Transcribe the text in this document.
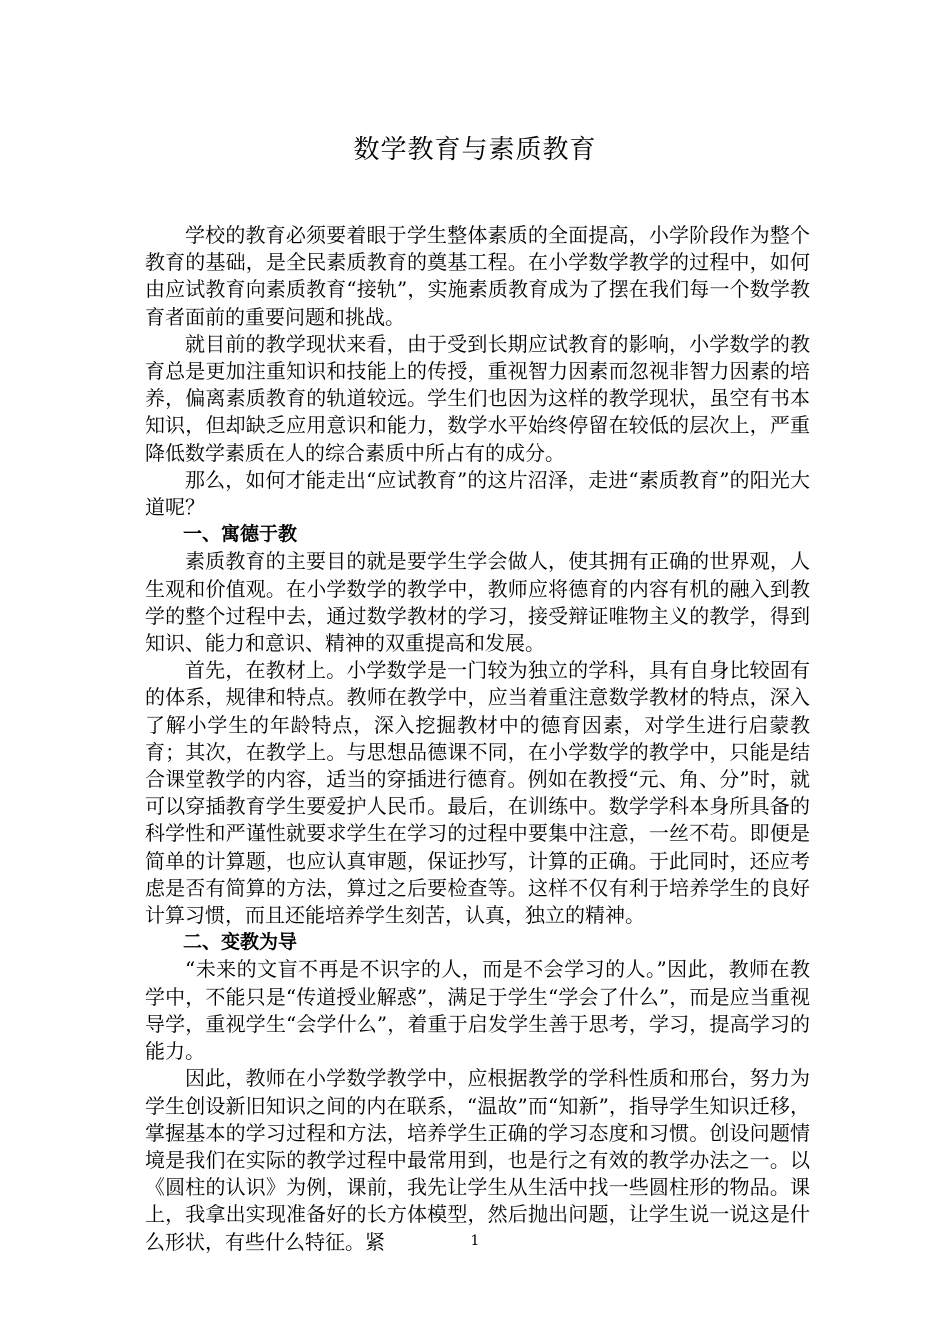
数学教育与素质教育

学校的教育必须要着眼于学生整体素质的全面提高，小学阶段作为整个教育的基础，是全民素质教育的奠基工程。在小学数学教学的过程中，如何由应试教育向素质教育“接轨”，实施素质教育成为了摆在我们每一个数学教育者面前的重要问题和挑战。

就目前的教学现状来看，由于受到长期应试教育的影响，小学数学的教育总是更加注重知识和技能上的传授，重视智力因素而忽视非智力因素的培养，偏离素质教育的轨道较远。学生们也因为这样的教学现状，虽空有书本知识，但却缺乏应用意识和能力，数学水平始终停留在较低的层次上，严重降低数学素质在人的综合素质中所占有的成分。

那么，如何才能走出“应试教育”的这片沼泽，走进“素质教育”的阳光大道呢？

一、寓德于教

素质教育的主要目的就是要学生学会做人，使其拥有正确的世界观，人生观和价值观。在小学数学的教学中，教师应将德育的内容有机的融入到教学的整个过程中去，通过数学教材的学习，接受辩证唯物主义的教学，得到知识、能力和意识、精神的双重提高和发展。

首先，在教材上。小学数学是一门较为独立的学科，具有自身比较固有的体系，规律和特点。教师在教学中，应当着重注意数学教材的特点，深入了解小学生的年龄特点，深入挖掘教材中的德育因素，对学生进行启蒙教育；其次，在教学上。与思想品德课不同，在小学数学的教学中，只能是结合课堂教学的内容，适当的穿插进行德育。例如在教授“元、角、分”时，就可以穿插教育学生要爱护人民币。最后，在训练中。数学学科本身所具备的科学性和严谨性就要求学生在学习的过程中要集中注意，一丝不苟。即便是简单的计算题，也应认真审题，保证抄写，计算的正确。于此同时，还应考虑是否有简算的方法，算过之后要检查等。这样不仅有利于培养学生的良好计算习惯，而且还能培养学生刻苦，认真，独立的精神。

二、变教为导

“未来的文盲不再是不识字的人，而是不会学习的人。”因此，教师在教学中，不能只是“传道授业解惑”，满足于学生“学会了什么”，而是应当重视导学，重视学生“会学什么”，着重于启发学生善于思考，学习，提高学习的能力。

因此，教师在小学数学教学中，应根据教学的学科性质和邢台，努力为学生创设新旧知识之间的内在联系，“温故”而“知新”，指导学生知识迁移，掌握基本的学习过程和方法，培养学生正确的学习态度和习惯。创设问题情境是我们在实际的教学过程中最常用到，也是行之有效的教学办法之一。以《圆柱的认识》为例，课前，我先让学生从生活中找一些圆柱形的物品。课上，我拿出实现准备好的长方体模型，然后抛出问题，让学生说一说这是什么形状，有些什么特征。紧	1
